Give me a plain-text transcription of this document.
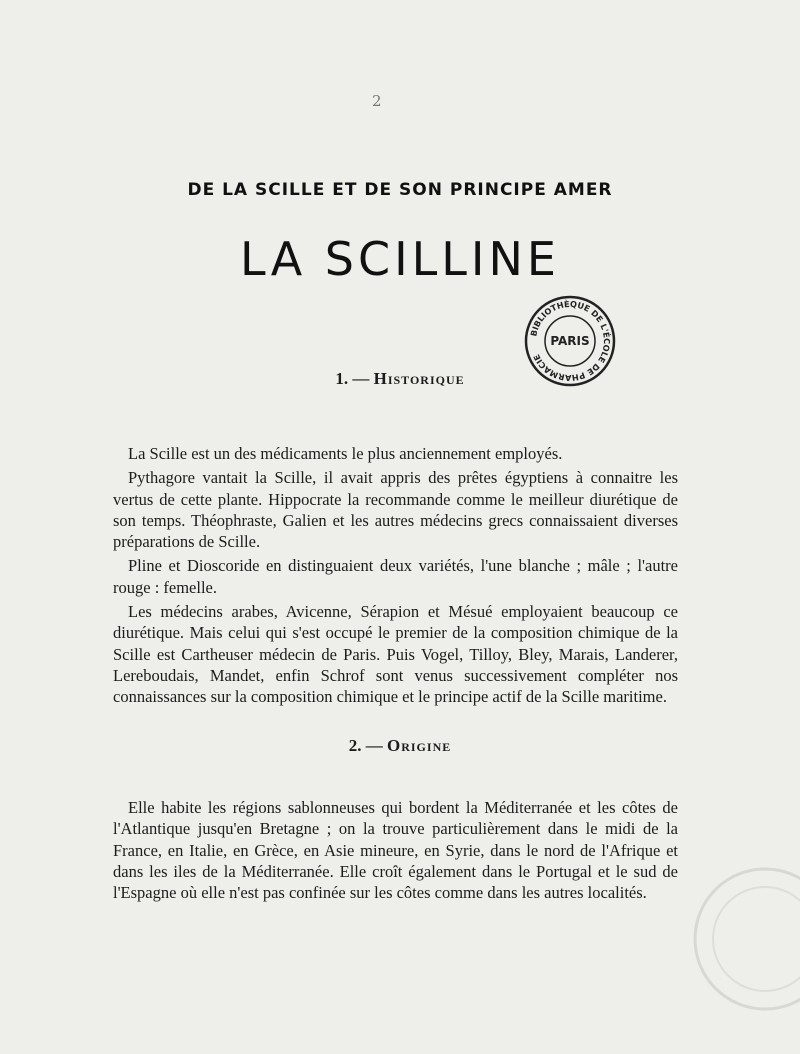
2
DE LA SCILLE ET DE SON PRINCIPE AMER
LA SCILLINE
BIBLIOTHÈQUE DE L'ÉCOLE DE PHARMACIE
PARIS
1. — Historique

La Scille est un des médicaments le plus anciennement employés.

Pythagore vantait la Scille, il avait appris des prêtes égyptiens à connaitre les vertus de cette plante. Hippocrate la recommande comme le meilleur diurétique de son temps. Théophraste, Galien et les autres médecins grecs connaissaient diverses préparations de Scille.

Pline et Dioscoride en distinguaient deux variétés, l'une blanche ; mâle ; l'autre rouge : femelle.

Les médecins arabes, Avicenne, Sérapion et Mésué employaient beaucoup ce diurétique. Mais celui qui s'est occupé le premier de la composition chimique de la Scille est Cartheuser médecin de Paris. Puis Vogel, Tilloy, Bley, Marais, Landerer, Lereboudais, Mandet, enfin Schrof sont venus successivement compléter nos connaissances sur la composition chimique et le principe actif de la Scille maritime.

2. — Origine

Elle habite les régions sablonneuses qui bordent la Méditerranée et les côtes de l'Atlantique jusqu'en Bretagne ; on la trouve particulièrement dans le midi de la France, en Italie, en Grèce, en Asie mineure, en Syrie, dans le nord de l'Afrique et dans les iles de la Méditerranée. Elle croît également dans le Portugal et le sud de l'Espagne où elle n'est pas confinée sur les côtes comme dans les autres localités.
